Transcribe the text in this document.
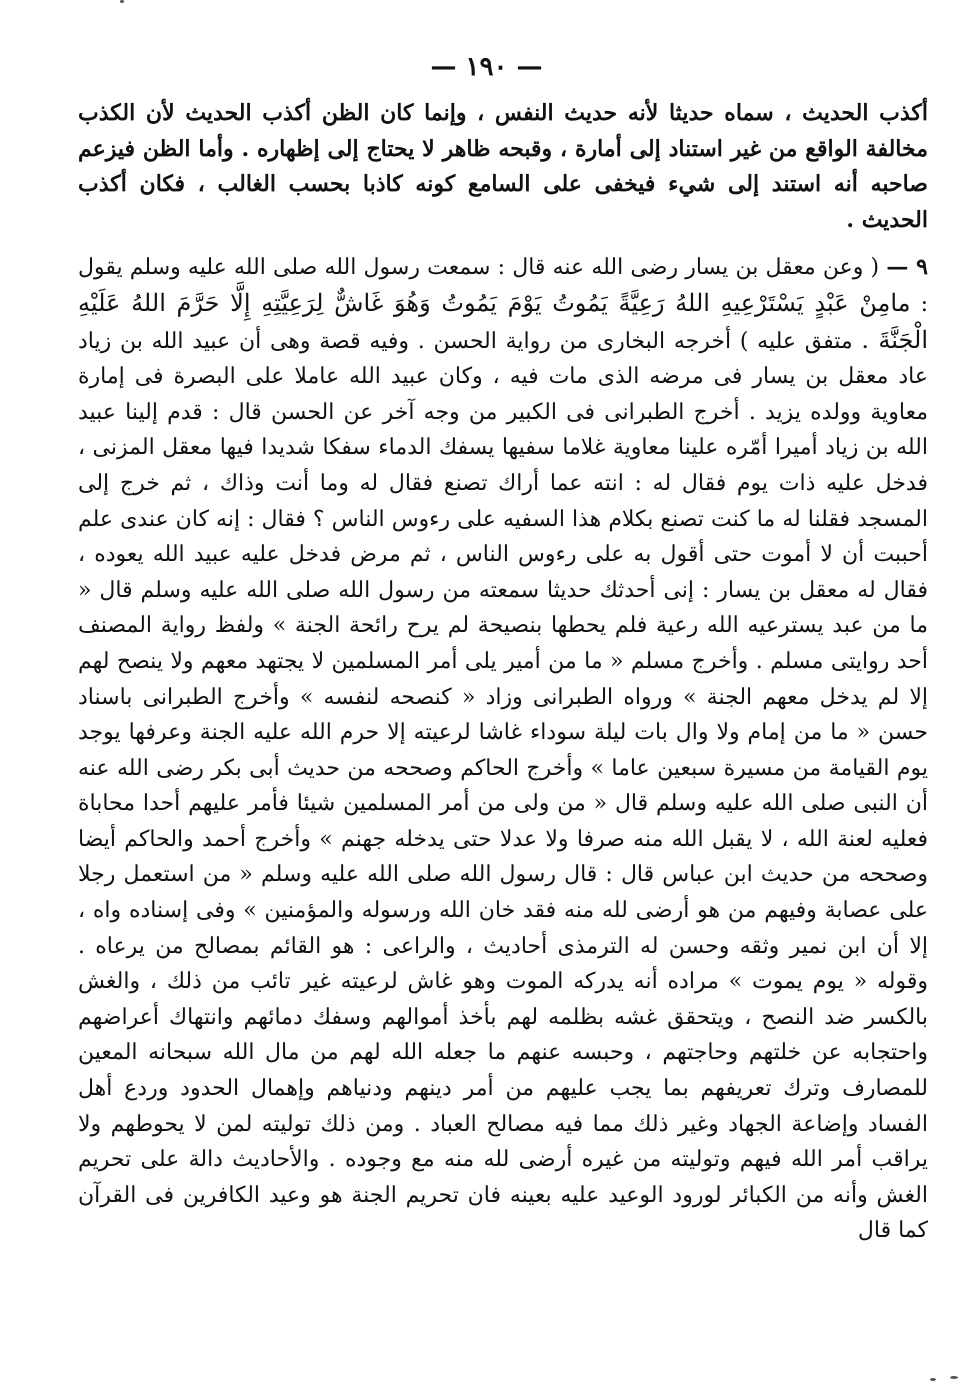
— ١٩٠ —

أكذب الحديث ، سماه حديثا لأنه حديث النفس ، وإنما كان الظن أكذب الحديث لأن الكذب مخالفة الواقع من غير استناد إلى أمارة ، وقبحه ظاهر لا يحتاج إلى إظهاره . وأما الظن فيزعم صاحبه أنه استند إلى شيء فيخفى على السامع كونه كاذبا بحسب الغالب ، فكان أكذب الحديث .

٩ — ( وعن معقل بن يسار رضى الله عنه قال : سمعت رسول الله صلى الله عليه وسلم يقول : مامِنْ عَبْدٍ يَسْتَرْعِيهِ اللهُ رَعِيَّةً يَمُوتُ يَوْمَ يَمُوتُ وَهُوَ غَاشٌّ لِرَعِيَّتِهِ إِلَّا حَرَّمَ اللهُ عَلَيْهِ الْجَنَّةَ . متفق عليه ) أخرجه البخارى من رواية الحسن . وفيه قصة وهى أن عبيد الله بن زياد عاد معقل بن يسار فى مرضه الذى مات فيه ، وكان عبيد الله عاملا على البصرة فى إمارة معاوية وولده يزيد . أخرج الطبرانى فى الكبير من وجه آخر عن الحسن قال : قدم إلينا عبيد الله بن زياد أميرا أمّره علينا معاوية غلاما سفيها يسفك الدماء سفكا شديدا فيها معقل المزنى ، فدخل عليه ذات يوم فقال له : انته عما أراك تصنع فقال له وما أنت وذاك ، ثم خرج إلى المسجد فقلنا له ما كنت تصنع بكلام هذا السفيه على رءوس الناس ؟ فقال : إنه كان عندى علم أحببت أن لا أموت حتى أقول به على رءوس الناس ، ثم مرض فدخل عليه عبيد الله يعوده ، فقال له معقل بن يسار : إنى أحدثك حديثا سمعته من رسول الله صلى الله عليه وسلم قال « ما من عبد يسترعيه الله رعية فلم يحطها بنصيحة لم يرح رائحة الجنة » ولفظ رواية المصنف أحد روايتى مسلم . وأخرج مسلم « ما من أمير يلى أمر المسلمين لا يجتهد معهم ولا ينصح لهم إلا لم يدخل معهم الجنة » ورواه الطبرانى وزاد « كنصحه لنفسه » وأخرج الطبرانى باسناد حسن « ما من إمام ولا وال بات ليلة سوداء غاشا لرعيته إلا حرم الله عليه الجنة وعرفها يوجد يوم القيامة من مسيرة سبعين عاما » وأخرج الحاكم وصححه من حديث أبى بكر رضى الله عنه أن النبى صلى الله عليه وسلم قال « من ولى من أمر المسلمين شيئا فأمر عليهم أحدا محاباة فعليه لعنة الله ، لا يقبل الله منه صرفا ولا عدلا حتى يدخله جهنم » وأخرج أحمد والحاكم أيضا وصححه من حديث ابن عباس قال : قال رسول الله صلى الله عليه وسلم « من استعمل رجلا على عصابة وفيهم من هو أرضى لله منه فقد خان الله ورسوله والمؤمنين » وفى إسناده واه ، إلا أن ابن نمير وثقه وحسن له الترمذى أحاديث ، والراعى : هو القائم بمصالح من يرعاه . وقوله « يوم يموت » مراده أنه يدركه الموت وهو غاش لرعيته غير تائب من ذلك ، والغش بالكسر ضد النصح ، ويتحقق غشه بظلمه لهم بأخذ أموالهم وسفك دمائهم وانتهاك أعراضهم واحتجابه عن خلتهم وحاجتهم ، وحبسه عنهم ما جعله الله لهم من مال الله سبحانه المعين للمصارف وترك تعريفهم بما يجب عليهم من أمر دينهم ودنياهم وإهمال الحدود وردع أهل الفساد وإضاعة الجهاد وغير ذلك مما فيه مصالح العباد . ومن ذلك توليته لمن لا يحوطهم ولا يراقب أمر الله فيهم وتوليته من غيره أرضى لله منه مع وجوده . والأحاديث دالة على تحريم الغش وأنه من الكبائر لورود الوعيد عليه بعينه فان تحريم الجنة هو وعيد الكافرين فى القرآن كما قال
